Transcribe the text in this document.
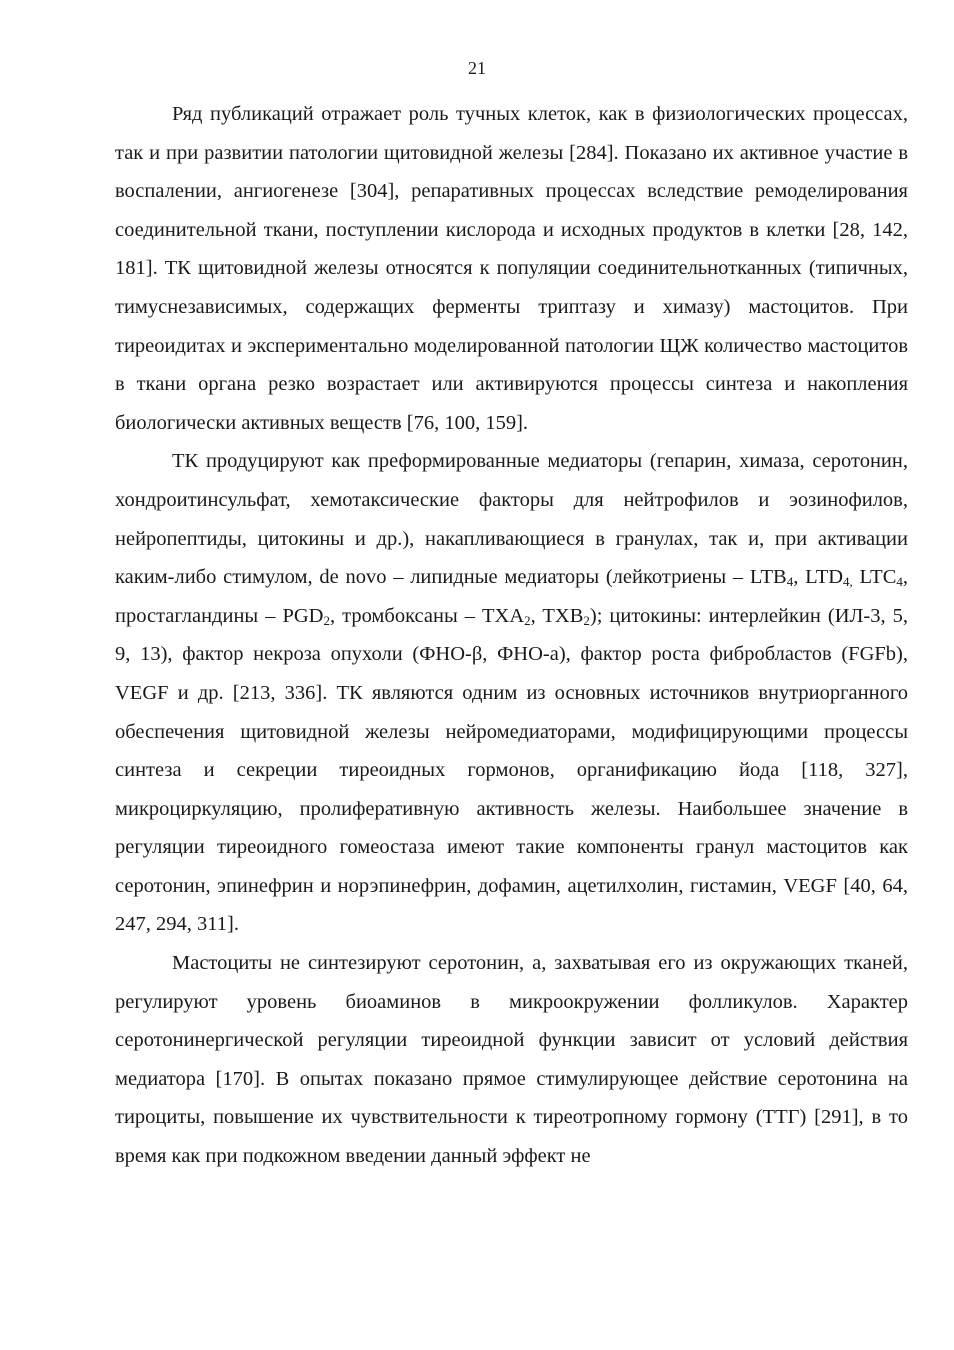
21

Ряд публикаций отражает роль тучных клеток, как в физиологических процессах, так и при развитии патологии щитовидной железы [284]. Показано их активное участие в воспалении, ангиогенезе [304], репаративных процессах вследствие ремоделирования соединительной ткани, поступлении кислорода и исходных продуктов в клетки [28, 142, 181]. ТК щитовидной железы относятся к популяции соединительнотканных (типичных, тимуснезависимых, содержащих ферменты триптазу и химазу) мастоцитов. При тиреоидитах и экспериментально моделированной патологии ЩЖ количество мастоцитов в ткани органа резко возрастает или активируются процессы синтеза и накопления биологически активных веществ [76, 100, 159].

ТК продуцируют как преформированные медиаторы (гепарин, химаза, серотонин, хондроитинсульфат, хемотаксические факторы для нейтрофилов и эозинофилов, нейропептиды, цитокины и др.), накапливающиеся в гранулах, так и, при активации каким-либо стимулом, de novo – липидные медиаторы (лейкотриены – $LTB_4$, $LTD_{4,}$ $LTC_4$, простагландины – $PGD_2$, тромбоксаны – $TXA_2$, $TXB_2$); цитокины: интерлейкин (ИЛ-3, 5, 9, 13), фактор некроза опухоли (ФНО-β, ФНО-a), фактор роста фибробластов (FGFb), VEGF и др. [213, 336]. ТК являются одним из основных источников внутриорганного обеспечения щитовидной железы нейромедиаторами, модифицирующими процессы синтеза и секреции тиреоидных гормонов, органификацию йода [118, 327], микроциркуляцию, пролиферативную активность железы. Наибольшее значение в регуляции тиреоидного гомеостаза имеют такие компоненты гранул мастоцитов как серотонин, эпинефрин и норэпинефрин, дофамин, ацетилхолин, гистамин, VEGF [40, 64, 247, 294, 311].

Мастоциты не синтезируют серотонин, а, захватывая его из окружающих тканей, регулируют уровень биоаминов в микроокружении фолликулов. Характер серотонинергической регуляции тиреоидной функции зависит от условий действия медиатора [170]. В опытах показано прямое стимулирующее действие серотонина на тироциты, повышение их чувствительности к тиреотропному гормону (ТТГ) [291], в то время как при подкожном введении данный эффект не
